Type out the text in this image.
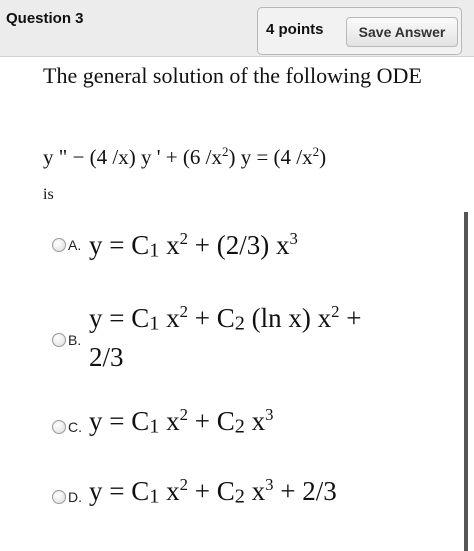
Question 3
4 points	Save Answer
The general solution of the following ODE
y " − (4 /x) y ' + (6 $/x^2$) y = (4 $/x^2$)
is
A. y = C1 $x^2 + (2/3)$ $x^3$
B.
y = C1 $x^2 + C2$ (ln x) $x^2$ +
2/3
C. y = C1 $x^2 + C2$ $x^3$
D. y = C1 $x^2 + C2$ $x^3 + 2/3$
